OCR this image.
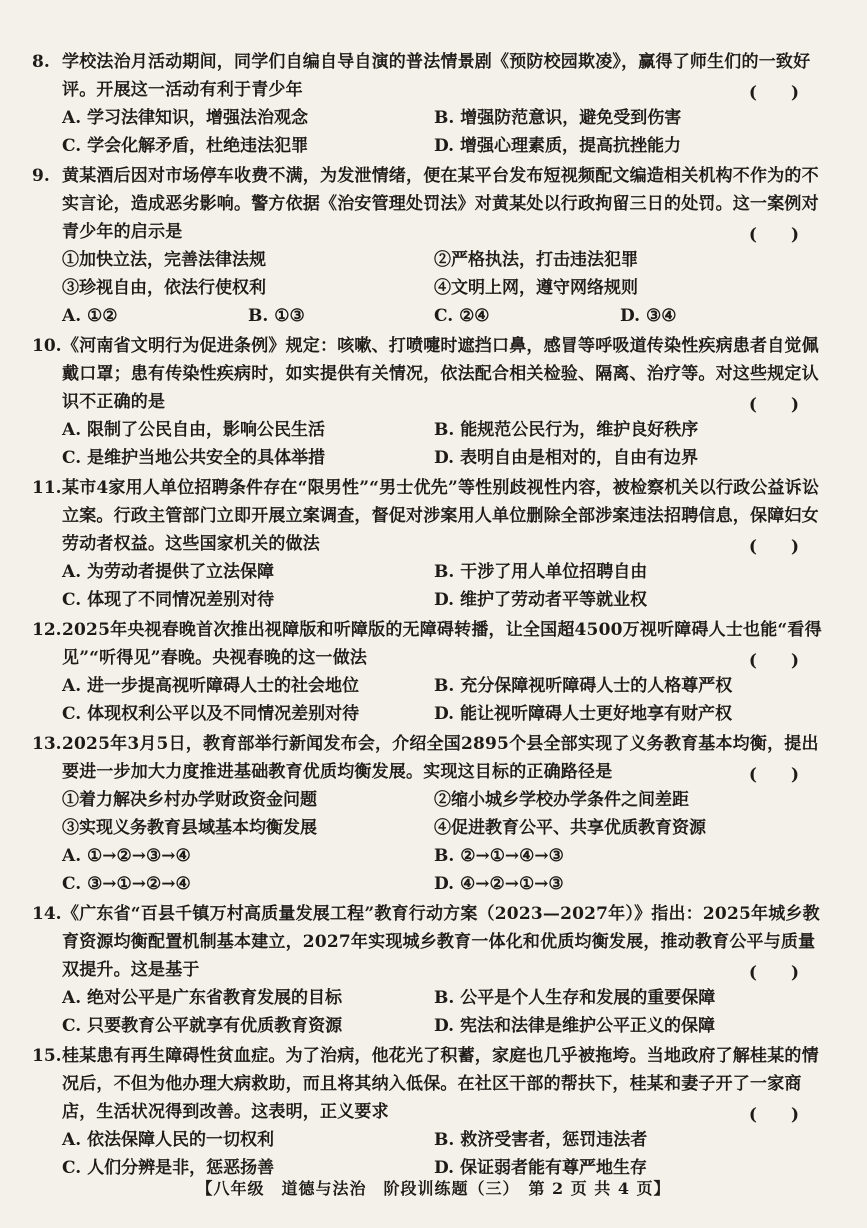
8. 学校法治月活动期间，同学们自编自导自演的普法情景剧《预防校园欺凌》，赢得了师生们的一致好评。开展这一活动有利于青少年	(　　)
A. 学习法律知识，增强法治观念	B. 增强防范意识，避免受到伤害
C. 学会化解矛盾，杜绝违法犯罪	D. 增强心理素质，提高抗挫能力
9. 黄某酒后因对市场停车收费不满，为发泄情绪，便在某平台发布短视频配文编造相关机构不作为的不实言论，造成恶劣影响。警方依据《治安管理处罚法》对黄某处以行政拘留三日的处罚。这一案例对青少年的启示是	(　　)
①加快立法，完善法律法规	②严格执法，打击违法犯罪
③珍视自由，依法行使权利	④文明上网，遵守网络规则
A. ①②	B. ①③	C. ②④	D. ③④
10. 《河南省文明行为促进条例》规定：咳嗽、打喷嚏时遮挡口鼻，感冒等呼吸道传染性疾病患者自觉佩戴口罩；患有传染性疾病时，如实提供有关情况，依法配合相关检验、隔离、治疗等。对这些规定认识不正确的是	(　　)
A. 限制了公民自由，影响公民生活	B. 能规范公民行为，维护良好秩序
C. 是维护当地公共安全的具体举措	D. 表明自由是相对的，自由有边界
11. 某市4家用人单位招聘条件存在“限男性”“男士优先”等性别歧视性内容，被检察机关以行政公益诉讼立案。行政主管部门立即开展立案调查，督促对涉案用人单位删除全部涉案违法招聘信息，保障妇女劳动者权益。这些国家机关的做法	(　　)
A. 为劳动者提供了立法保障	B. 干涉了用人单位招聘自由
C. 体现了不同情况差别对待	D. 维护了劳动者平等就业权
12. 2025年央视春晚首次推出视障版和听障版的无障碍转播，让全国超4500万视听障碍人士也能“看得见”“听得见”春晚。央视春晚的这一做法	(　　)
A. 进一步提高视听障碍人士的社会地位	B. 充分保障视听障碍人士的人格尊严权
C. 体现权利公平以及不同情况差别对待	D. 能让视听障碍人士更好地享有财产权
13. 2025年3月5日，教育部举行新闻发布会，介绍全国2895个县全部实现了义务教育基本均衡，提出要进一步加大力度推进基础教育优质均衡发展。实现这目标的正确路径是	(　　)
①着力解决乡村办学财政资金问题	②缩小城乡学校办学条件之间差距
③实现义务教育县域基本均衡发展	④促进教育公平、共享优质教育资源
A. ①→②→③→④	B. ②→①→④→③
C. ③→①→②→④	D. ④→②→①→③
14. 《广东省“百县千镇万村高质量发展工程”教育行动方案（2023—2027年）》指出：2025年城乡教育资源均衡配置机制基本建立，2027年实现城乡教育一体化和优质均衡发展，推动教育公平与质量双提升。这是基于	(　　)
A. 绝对公平是广东省教育发展的目标	B. 公平是个人生存和发展的重要保障
C. 只要教育公平就享有优质教育资源	D. 宪法和法律是维护公平正义的保障
15. 桂某患有再生障碍性贫血症。为了治病，他花光了积蓄，家庭也几乎被拖垮。当地政府了解桂某的情况后，不但为他办理大病救助，而且将其纳入低保。在社区干部的帮扶下，桂某和妻子开了一家商店，生活状况得到改善。这表明，正义要求	(　　)
A. 依法保障人民的一切权利	B. 救济受害者，惩罚违法者
C. 人们分辨是非，惩恶扬善	D. 保证弱者能有尊严地生存
【八年级　道德与法治　阶段训练题（三）　第 2 页 共 4 页】
